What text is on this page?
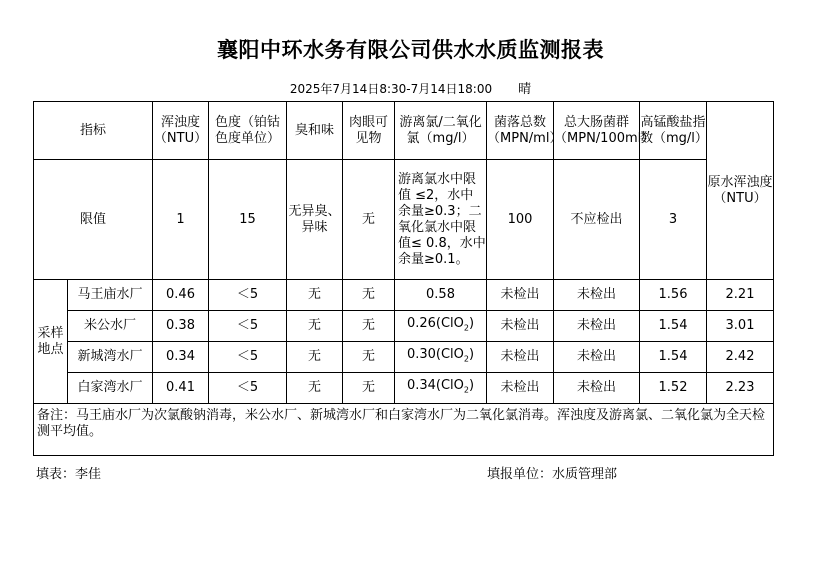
襄阳中环水务有限公司供水水质监测报表
2025年7月14日8:30-7月14日18:00 晴
指标		浑浊度（NTU）	色度（铂钴色度单位）	臭和味	肉眼可见物	游离氯/二氧化氯（mg/l）	菌落总数（MPN/ml）	总大肠菌群（MPN/100ml）	高锰酸盐指数（mg/l）	原水浑浊度（NTU）
限值		1	15	无异臭、异味	无	游离氯水中限值 ≤2，水中余量≥0.3；二氧化氯水中限值≤ 0.8，水中余量≥0.1。	100	不应检出	3	
采样地点	马王庙水厂	0.46	＜5	无	无	0.58	未检出	未检出	1.56	2.21
	米公水厂	0.38	＜5	无	无	0.26(ClO$_2$)	未检出	未检出	1.54	3.01
	新城湾水厂	0.34	＜5	无	无	0.30(ClO$_2$)	未检出	未检出	1.54	2.42
	白家湾水厂	0.41	＜5	无	无	0.34(ClO$_2$)	未检出	未检出	1.52	2.23
备注：马王庙水厂为次氯酸钠消毒，米公水厂、新城湾水厂和白家湾水厂为二氧化氯消毒。浑浊度及游离氯、二氧化氯为全天检测平均值。										
填表：李佳	填报单位：水质管理部
